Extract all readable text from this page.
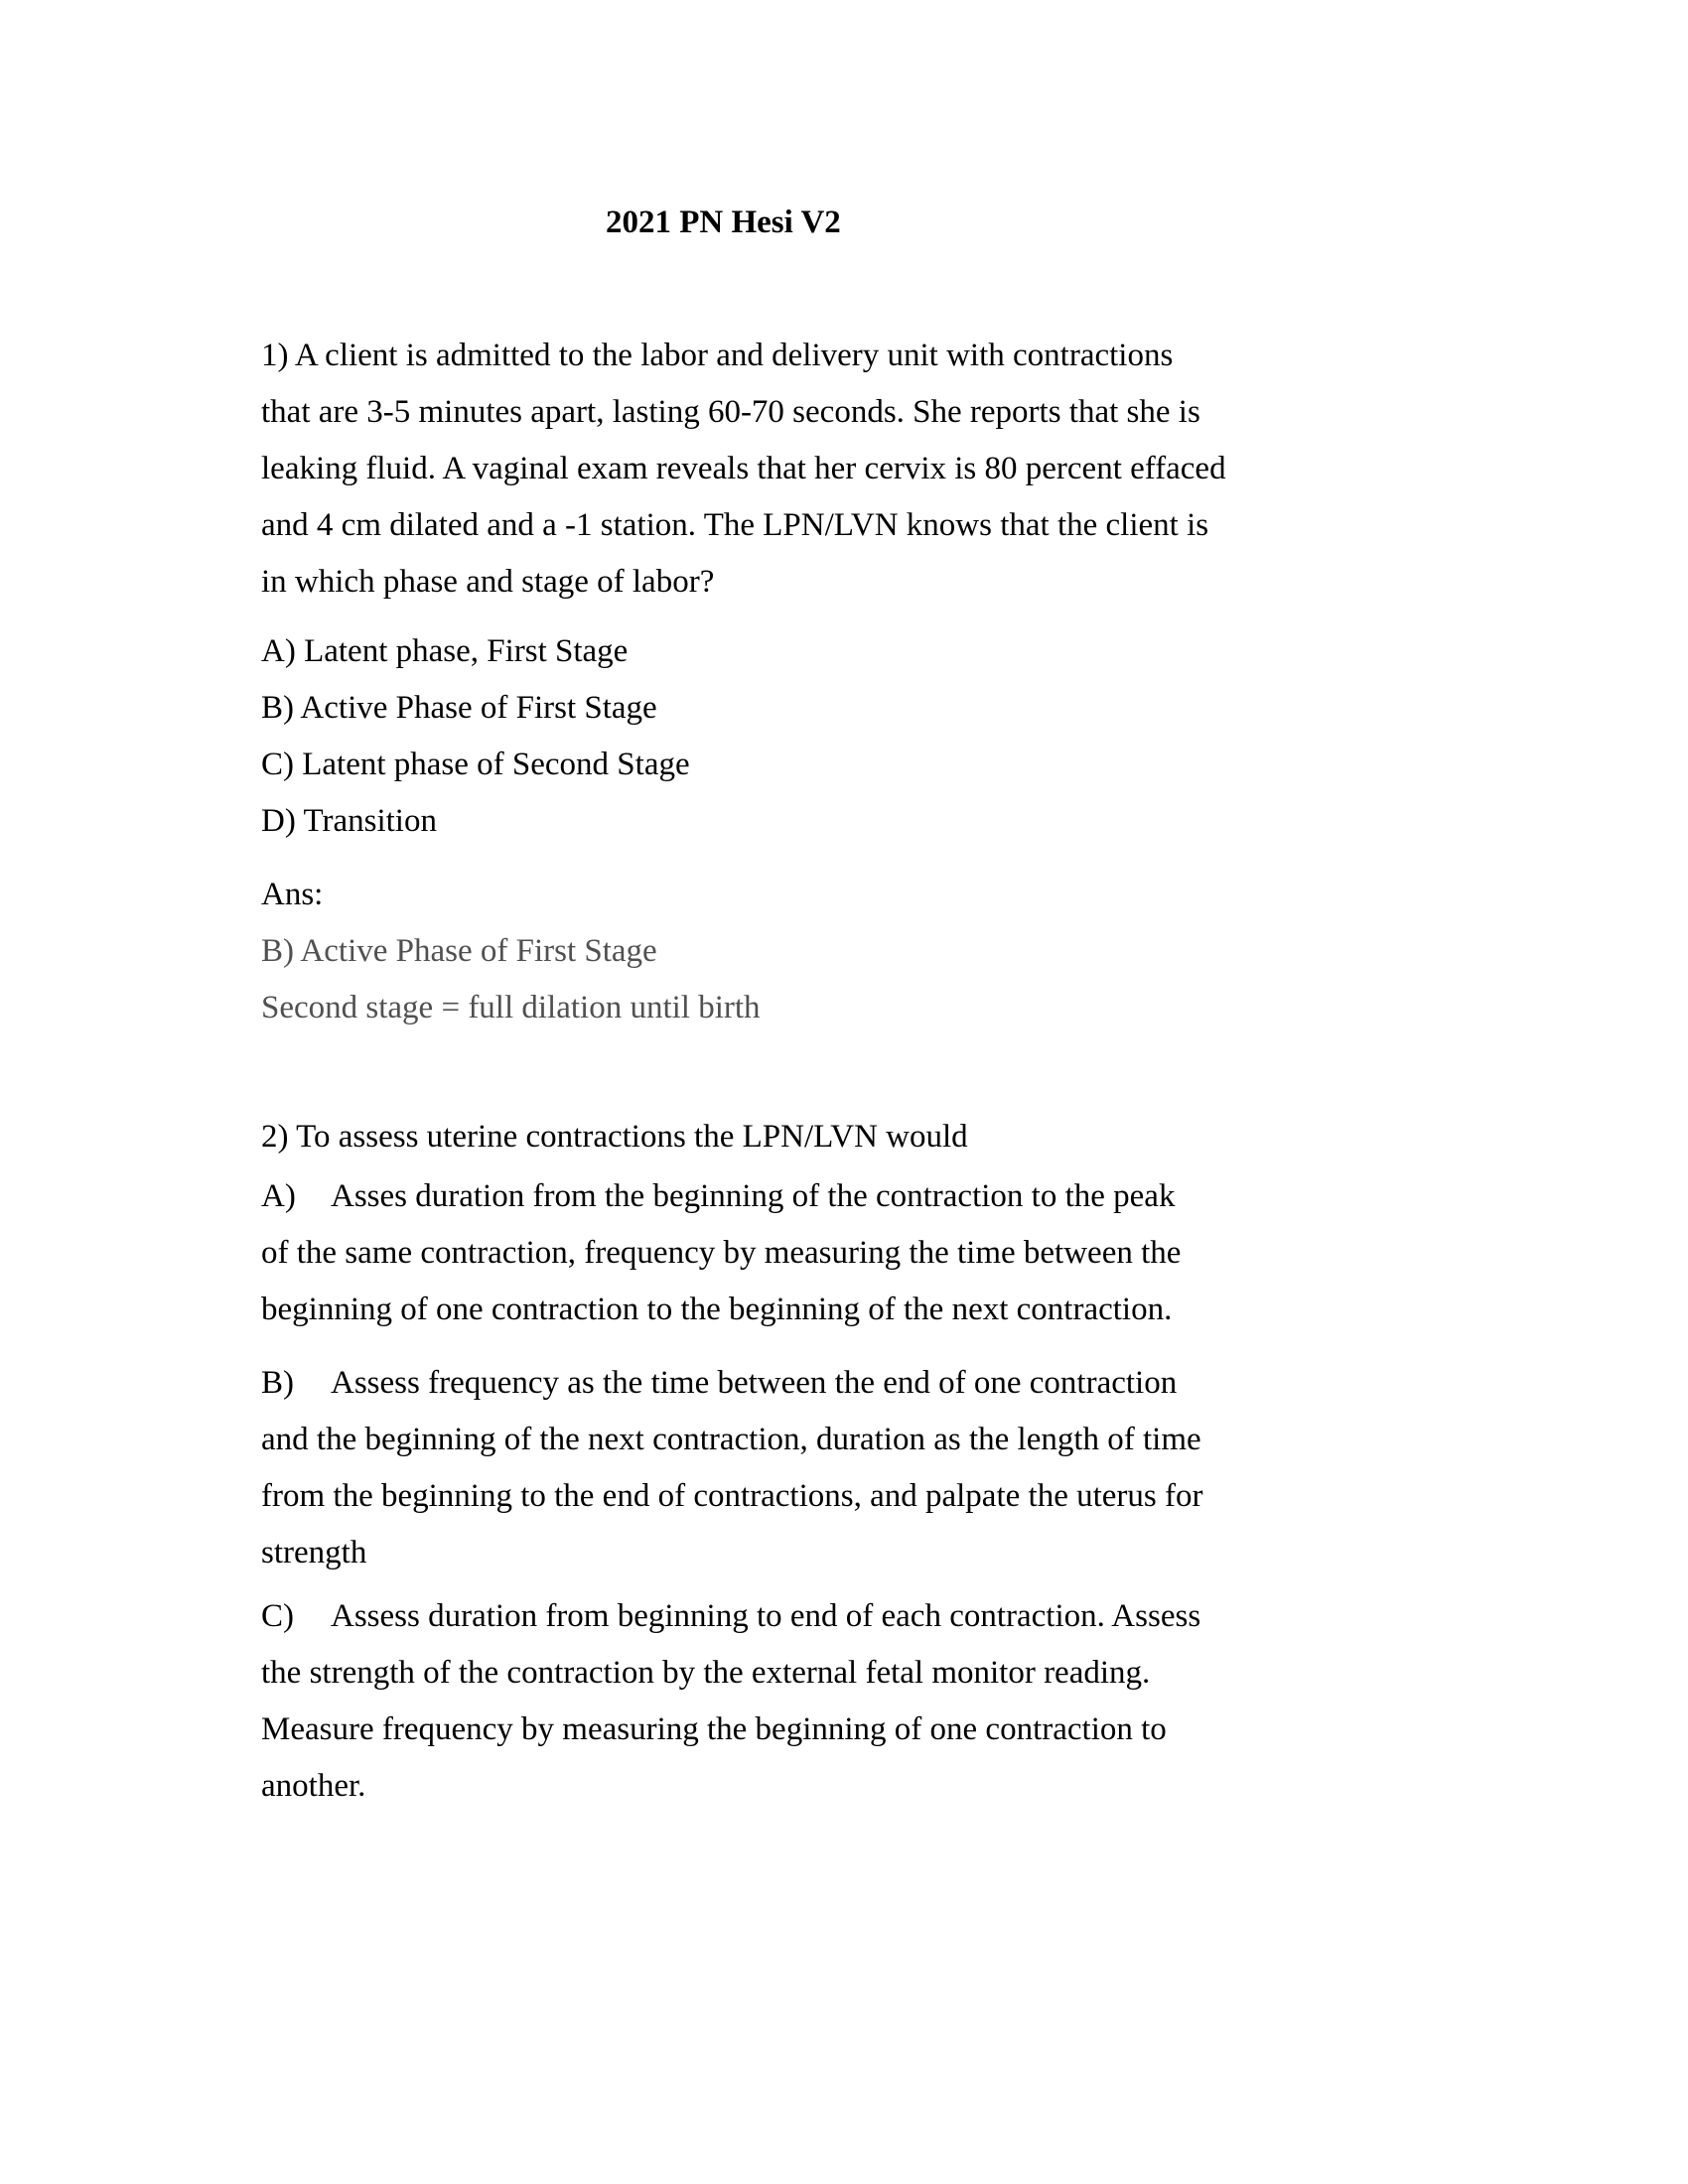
2021 PN Hesi V2
1) A client is admitted to the labor and delivery unit with contractions
that are 3-5 minutes apart, lasting 60-70 seconds. She reports that she is
leaking fluid. A vaginal exam reveals that her cervix is 80 percent effaced
and 4 cm dilated and a -1 station. The LPN/LVN knows that the client is
in which phase and stage of labor?
A) Latent phase, First Stage
B) Active Phase of First Stage
C) Latent phase of Second Stage
D) Transition
Ans:
B) Active Phase of First Stage
Second stage = full dilation until birth
2) To assess uterine contractions the LPN/LVN would
A) Asses duration from the beginning of the contraction to the peak
of the same contraction, frequency by measuring the time between the
beginning of one contraction to the beginning of the next contraction.
B) Assess frequency as the time between the end of one contraction
and the beginning of the next contraction, duration as the length of time
from the beginning to the end of contractions, and palpate the uterus for
strength
C) Assess duration from beginning to end of each contraction. Assess
the strength of the contraction by the external fetal monitor reading.
Measure frequency by measuring the beginning of one contraction to
another.
